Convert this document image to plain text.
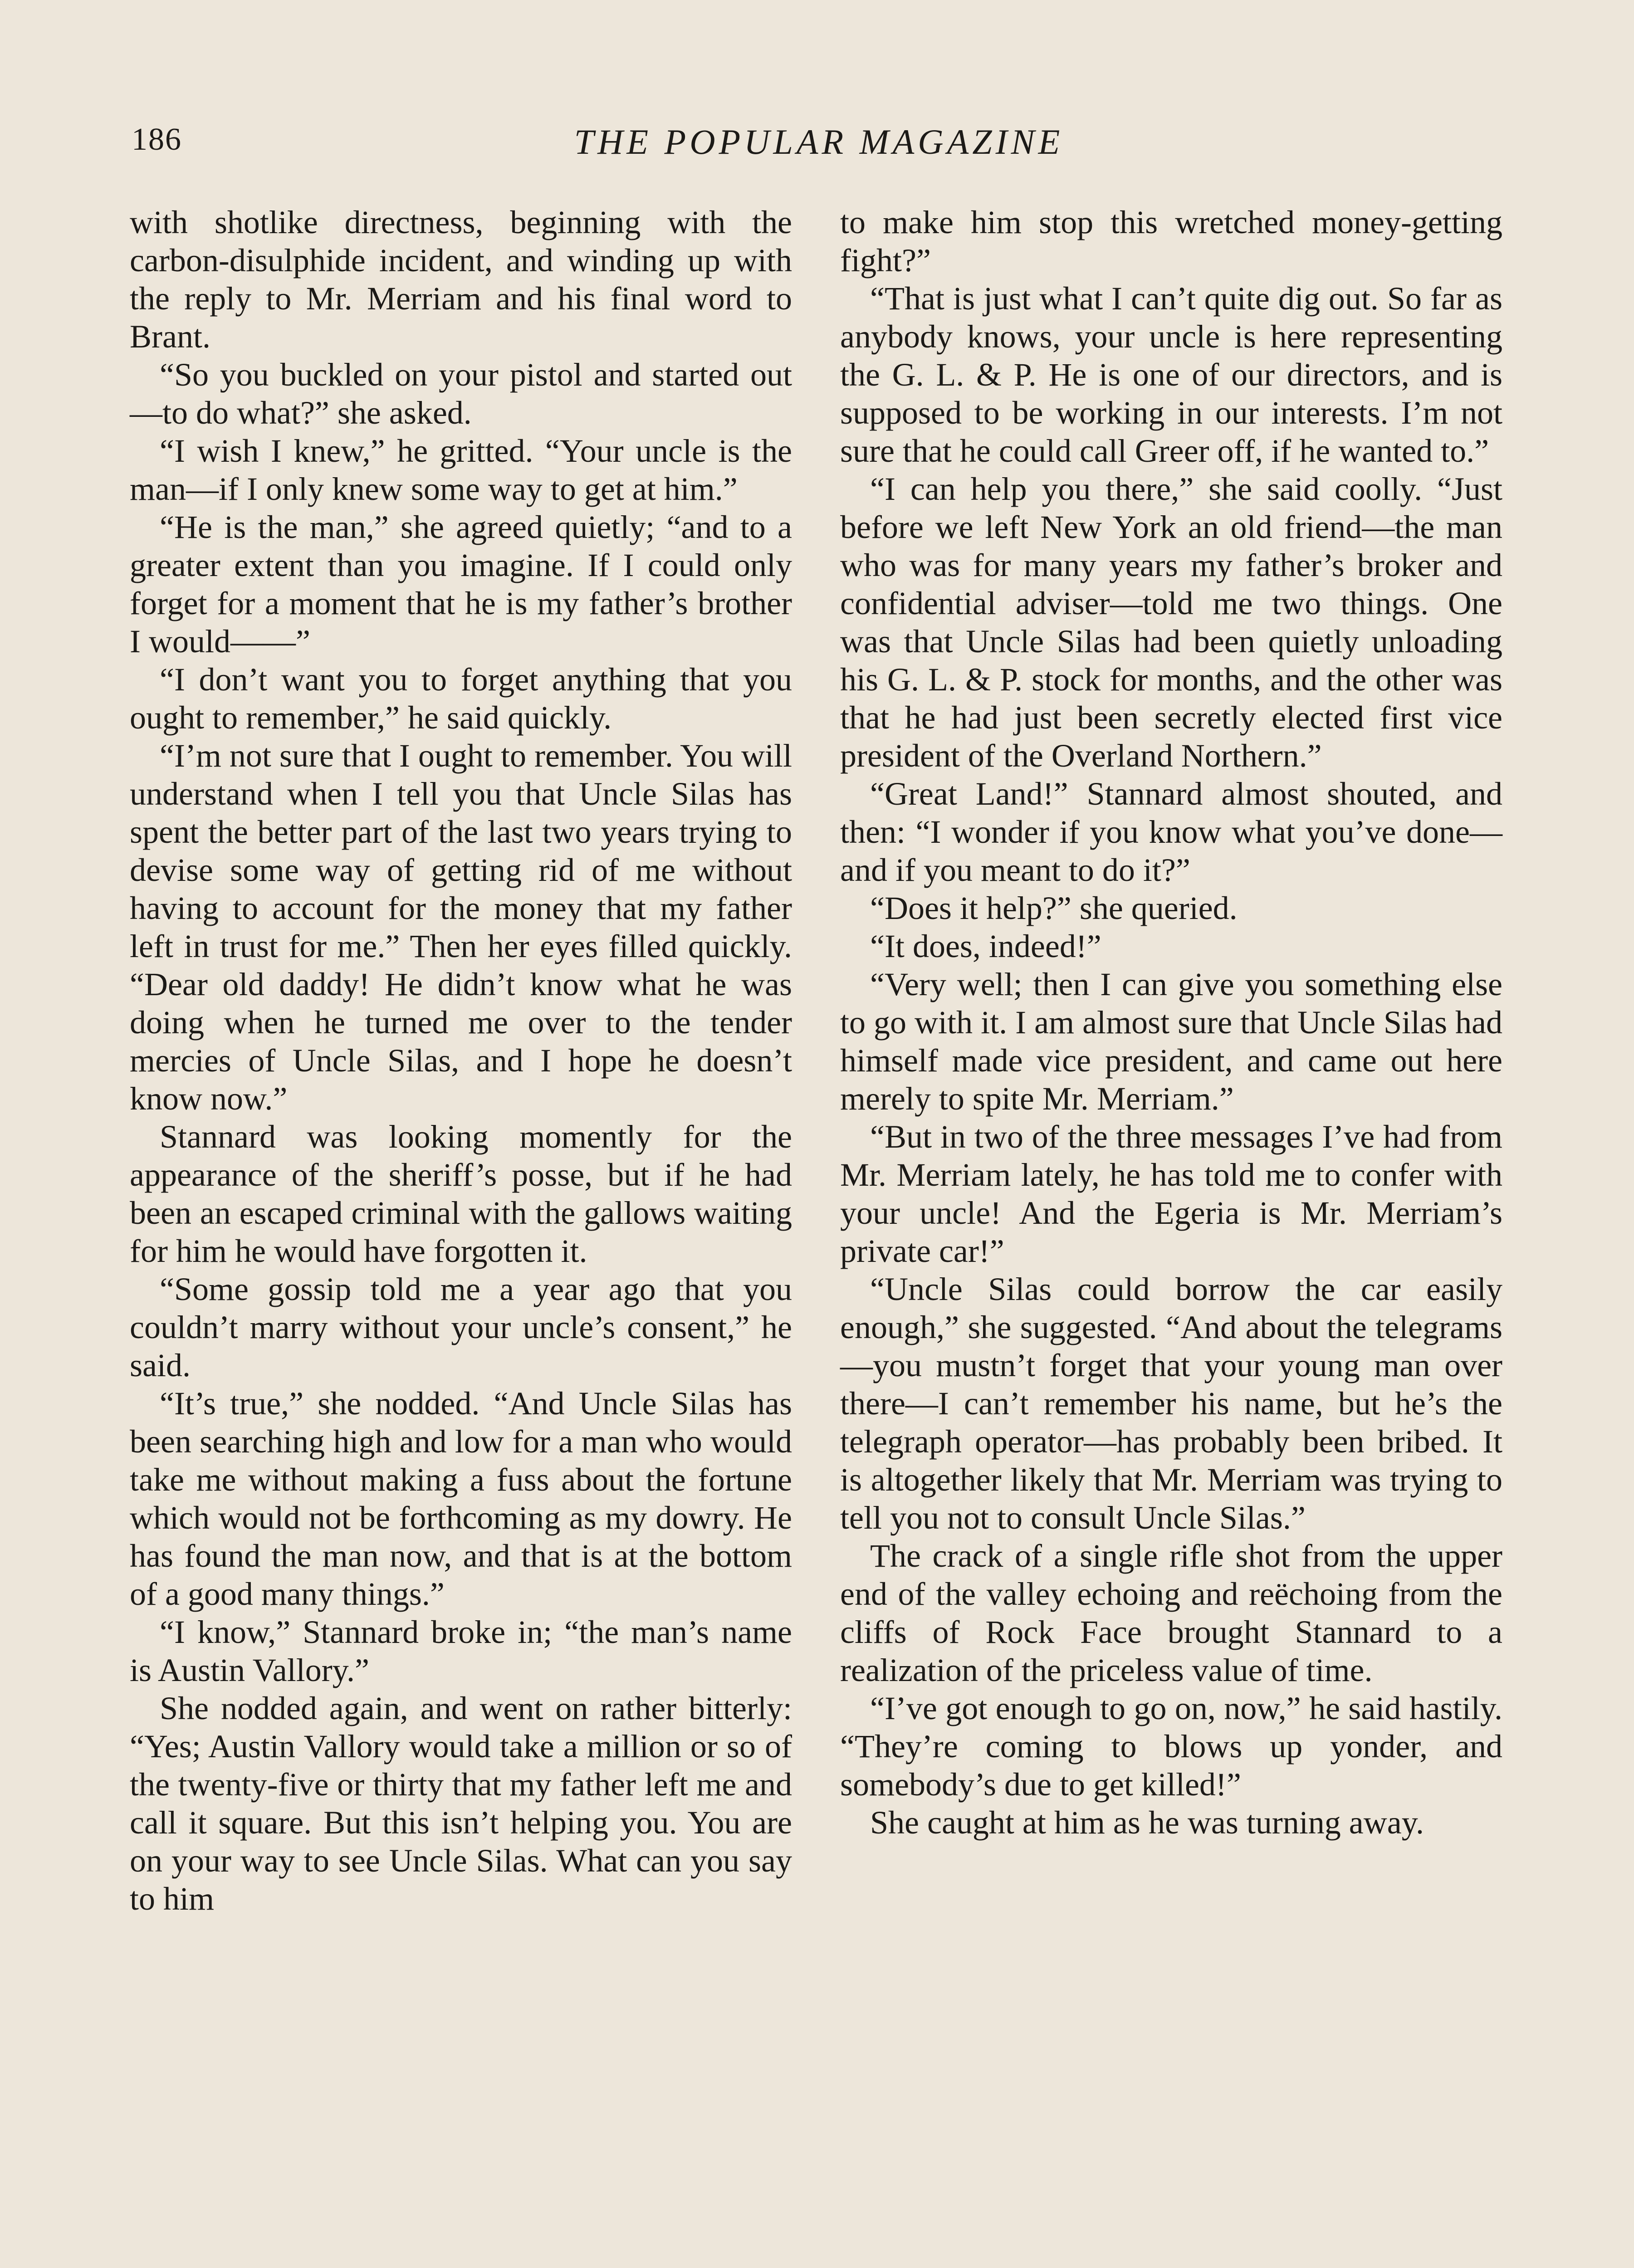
186	THE POPULAR MAGAZINE

with shotlike directness, beginning with the carbon-disulphide incident, and winding up with the reply to Mr. Merriam and his final word to Brant.

“So you buckled on your pistol and started out—to do what?” she asked.

“I wish I knew,” he gritted. “Your uncle is the man—if I only knew some way to get at him.”

“He is the man,” she agreed quietly; “and to a greater extent than you imagine. If I could only forget for a moment that he is my father’s brother I would——”

“I don’t want you to forget anything that you ought to remember,” he said quickly.

“I’m not sure that I ought to remember. You will understand when I tell you that Uncle Silas has spent the better part of the last two years trying to devise some way of getting rid of me without having to account for the money that my father left in trust for me.” Then her eyes filled quickly. “Dear old daddy! He didn’t know what he was doing when he turned me over to the tender mercies of Uncle Silas, and I hope he doesn’t know now.”

Stannard was looking momently for the appearance of the sheriff’s posse, but if he had been an escaped criminal with the gallows waiting for him he would have forgotten it.

“Some gossip told me a year ago that you couldn’t marry without your uncle’s consent,” he said.

“It’s true,” she nodded. “And Uncle Silas has been searching high and low for a man who would take me without making a fuss about the fortune which would not be forthcoming as my dowry. He has found the man now, and that is at the bottom of a good many things.”

“I know,” Stannard broke in; “the man’s name is Austin Vallory.”

She nodded again, and went on rather bitterly: “Yes; Austin Vallory would take a million or so of the twenty-five or thirty that my father left me and call it square. But this isn’t helping you. You are on your way to see Uncle Silas. What can you say to him

to make him stop this wretched money-getting fight?”

“That is just what I can’t quite dig out. So far as anybody knows, your uncle is here representing the G. L. & P. He is one of our directors, and is supposed to be working in our interests. I’m not sure that he could call Greer off, if he wanted to.”

“I can help you there,” she said coolly. “Just before we left New York an old friend—the man who was for many years my father’s broker and confidential adviser—told me two things. One was that Uncle Silas had been quietly unloading his G. L. & P. stock for months, and the other was that he had just been secretly elected first vice president of the Overland Northern.”

“Great Land!” Stannard almost shouted, and then: “I wonder if you know what you’ve done—and if you meant to do it?”

“Does it help?” she queried.

“It does, indeed!”

“Very well; then I can give you something else to go with it. I am almost sure that Uncle Silas had himself made vice president, and came out here merely to spite Mr. Merriam.”

“But in two of the three messages I’ve had from Mr. Merriam lately, he has told me to confer with your uncle! And the Egeria is Mr. Merriam’s private car!”

“Uncle Silas could borrow the car easily enough,” she suggested. “And about the telegrams—you mustn’t forget that your young man over there—I can’t remember his name, but he’s the telegraph operator—has probably been bribed. It is altogether likely that Mr. Merriam was trying to tell you not to consult Uncle Silas.”

The crack of a single rifle shot from the upper end of the valley echoing and reëchoing from the cliffs of Rock Face brought Stannard to a realization of the priceless value of time.

“I’ve got enough to go on, now,” he said hastily. “They’re coming to blows up yonder, and somebody’s due to get killed!”

She caught at him as he was turning away.
